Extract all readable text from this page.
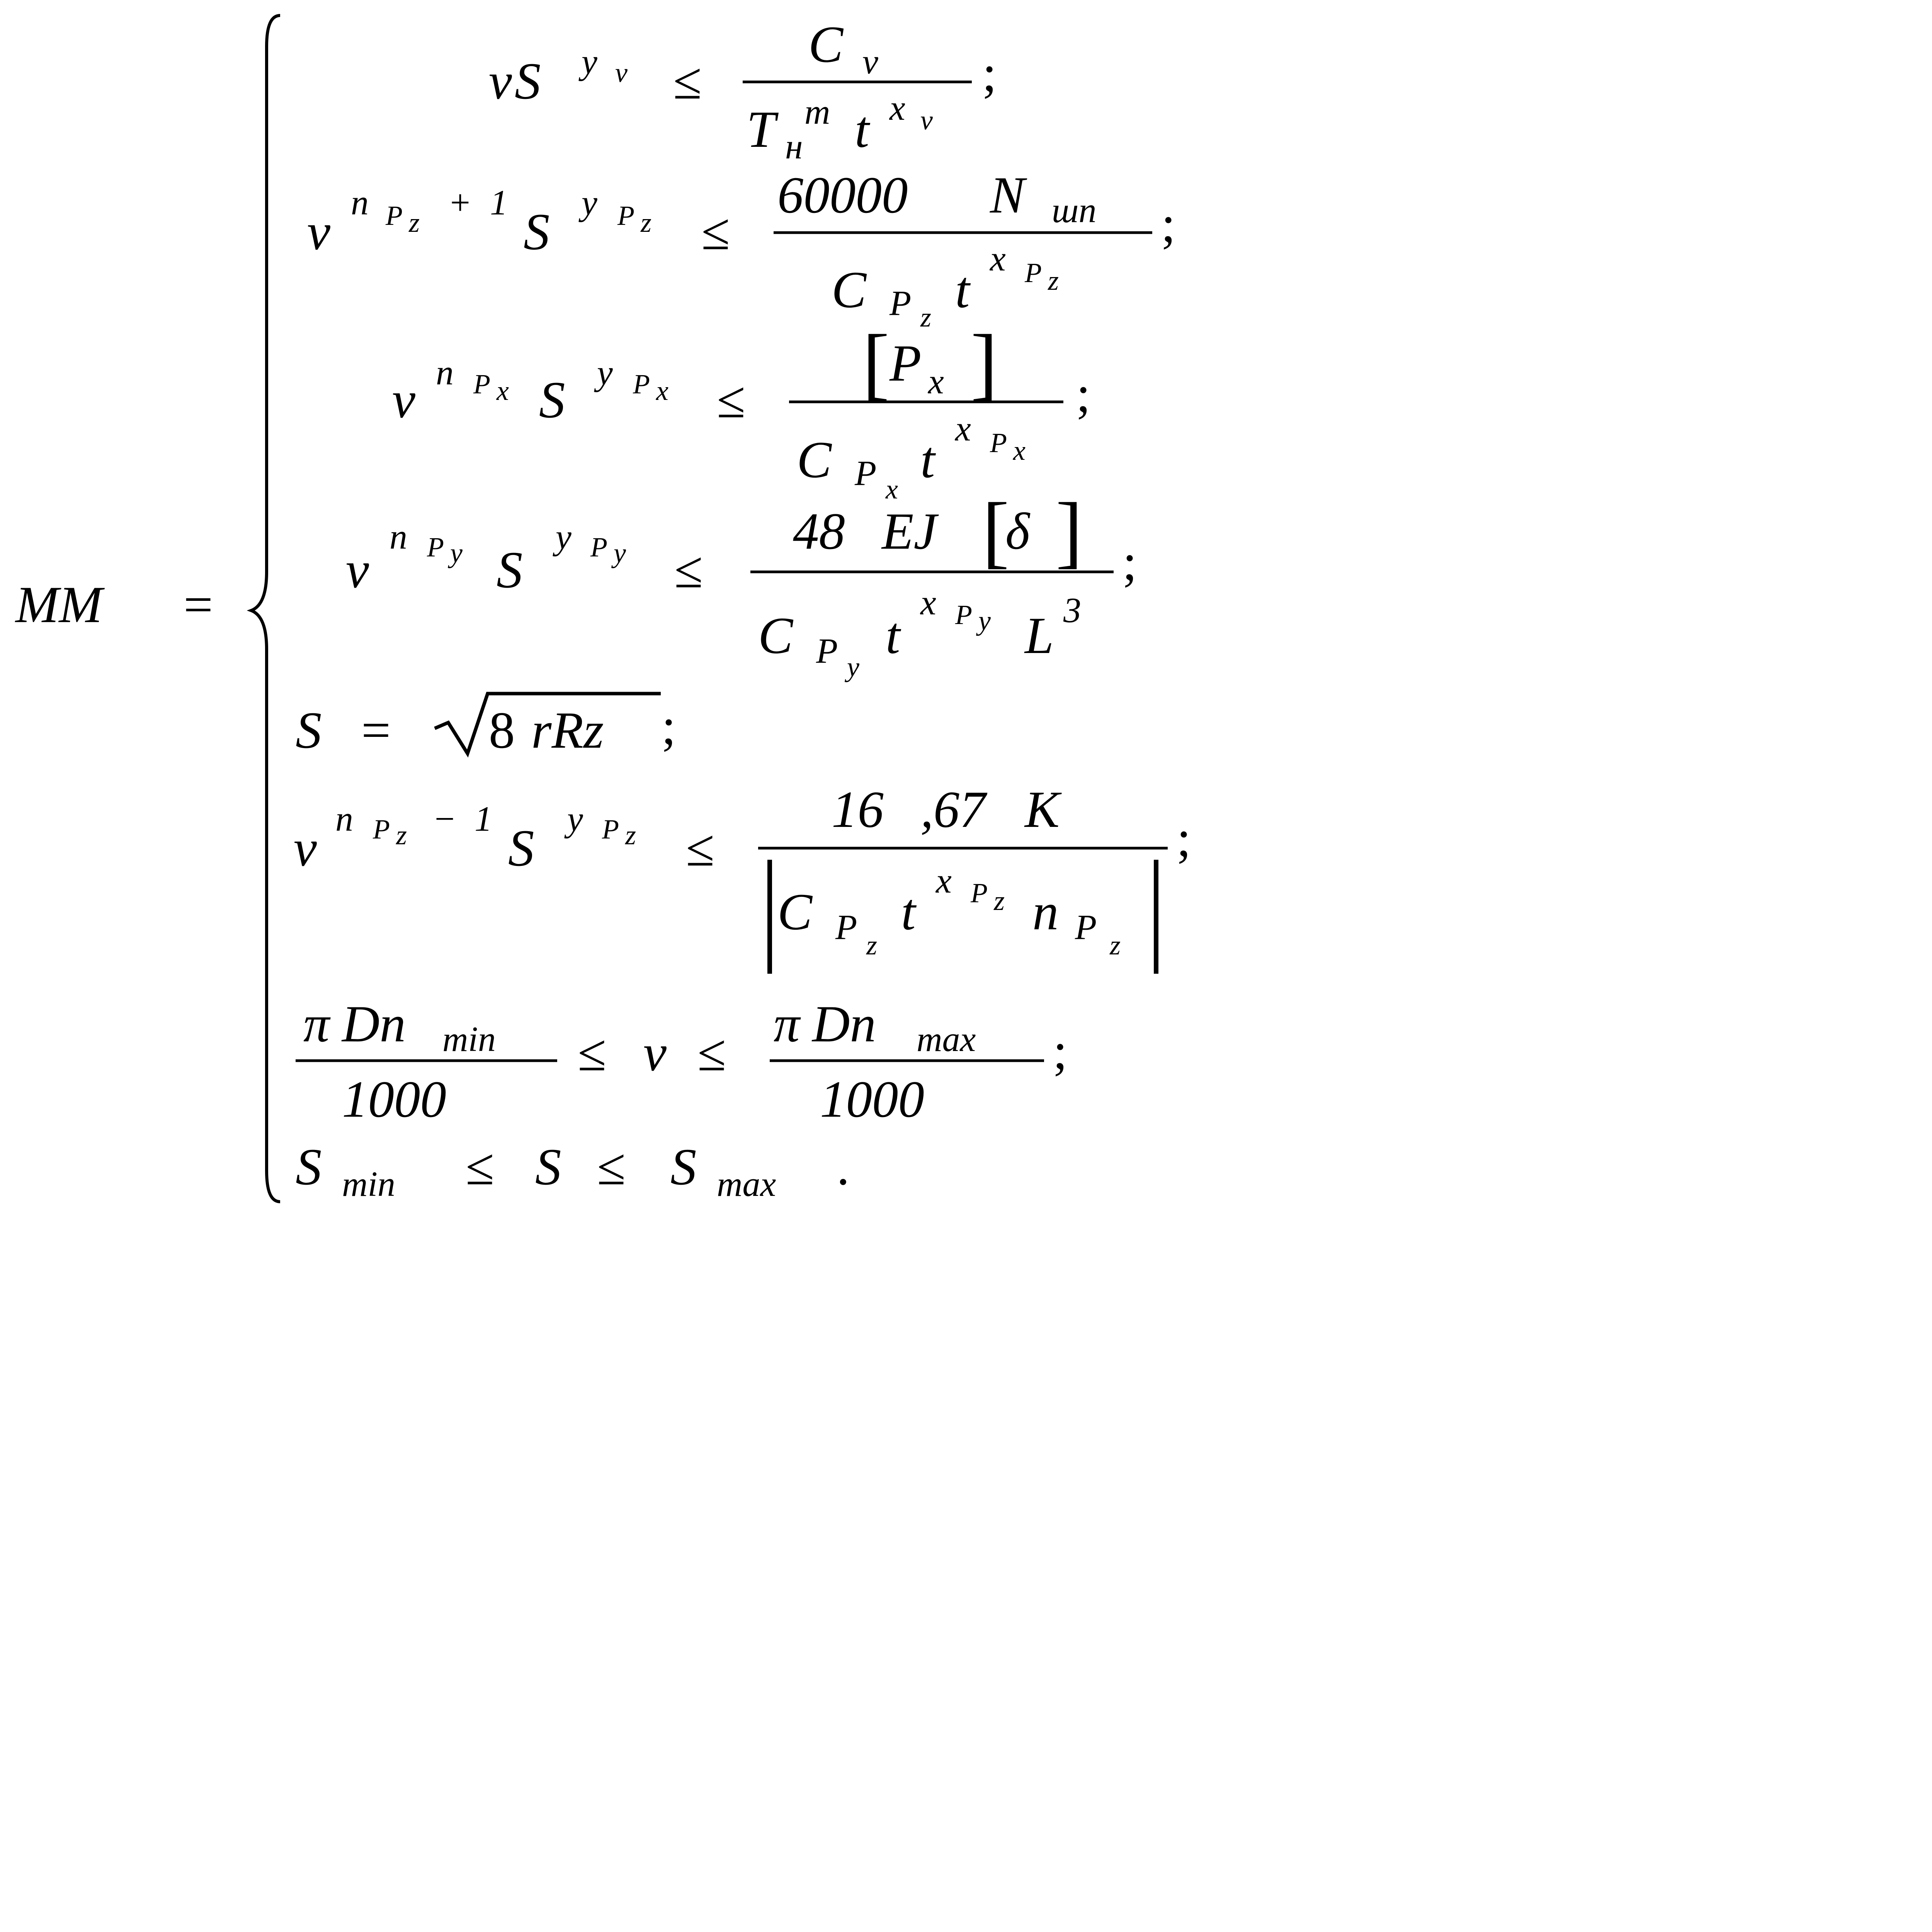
MM =
v S y v ≤
C v
T н
m t x v
;
v
n P z
+ 1
S
y P z ≤
60000 N шп
C P z t
x P z
;
v n P x S y P x ≤ [ P x ]
C P x
t
x P x
;
v
n P y S
y P y ≤
48 EJ [
δ ]
C P y
t
x P y L 3
;
S = 8 rRz ;
v
n P z − 1
S
y P z ≤
16 ,67 K
C P z
t
x P z n P z
;
π Dn min
1000
≤ v ≤
π Dn max
1000
;
S min ≤ S ≤ S max .
